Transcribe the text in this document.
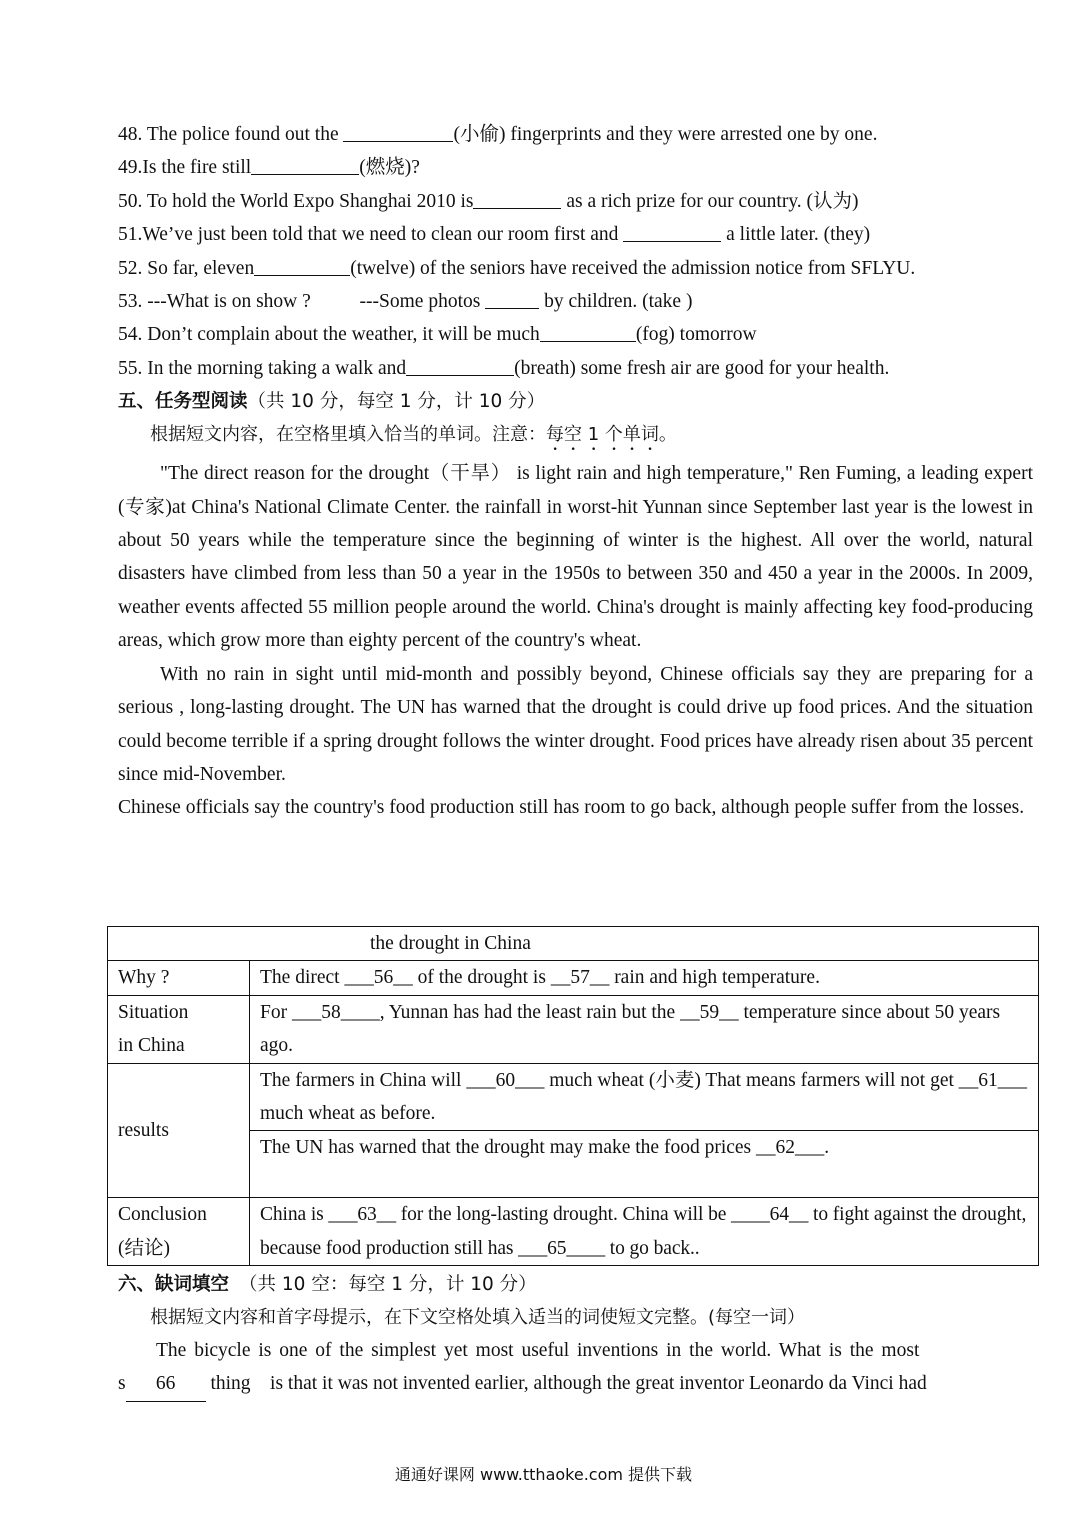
48. The police found out the	(小偷) fingerprints and they were arrested one by one.
49.Is the fire still	(燃烧)?
50. To hold the World Expo Shanghai 2010 is	as a rich prize for our country. (认为)
51.We’ve just been told that we need to clean our room first and	a little later. (they)
52. So far, eleven	(twelve) of the seniors have received the admission notice from SFLYU.
53. ---What is on show ?          ---Some photos	by children. (take )
54. Don’t complain about the weather, it will be much	(fog) tomorrow
55. In the morning taking a walk and	(breath) some fresh air are good for your health.
五、任务型阅读（共 10 分，每空 1 分，计 10 分）
根据短文内容，在空格里填入恰当的单词。注意：每空 1 个单词。

"The direct reason for the drought（干旱） is light rain and high temperature," Ren Fuming, a leading expert (专家)at China's National Climate Center. the rainfall in worst-hit Yunnan since September last year is the lowest in about 50 years while the temperature since the beginning of winter is the highest. All over the world, natural disasters have climbed from less than 50 a year in the 1950s to between 350 and 450 a year in the 2000s. In 2009, weather events affected 55 million people around the world. China's drought is mainly affecting key food-producing areas, which grow more than eighty percent of the country's wheat.

With no rain in sight until mid-month and possibly beyond, Chinese officials say they are preparing for a serious , long-lasting drought. The UN has warned that the drought is could drive up food prices. And the situation could become terrible if a spring drought follows the winter drought. Food prices have already risen about 35 percent since mid-November.

Chinese officials say the country's food production still has room to go back, although people suffer from the losses.

the drought in China	
Why ?	The direct ___56__ of the drought is __57__ rain and high temperature.

Situation
in China	For ___58____, Yunnan has had the least rain but the __59__ temperature since about 50 years ago.
results	The farmers in China will ___60___ much wheat (小麦) That means farmers will not get __61___ much wheat as before.
	The UN has warned that the drought may make the food prices __62___.

Conclusion
(结论)	China is ___63__ for the long-lasting drought. China will be ____64__ to fight against the drought, because food production still has ___65____ to go back..
六、缺词填空 （共 10 空：每空 1 分，计 10 分）
根据短文内容和首字母提示，在下文空格处填入适当的词使短文完整。(每空一词）
The bicycle is one of the simplest yet most useful inventions in the world. What is the most
s 66 thing    is that it was not invented earlier, although the great inventor Leonardo da Vinci had
通通好课网 www.tthaoke.com 提供下载
